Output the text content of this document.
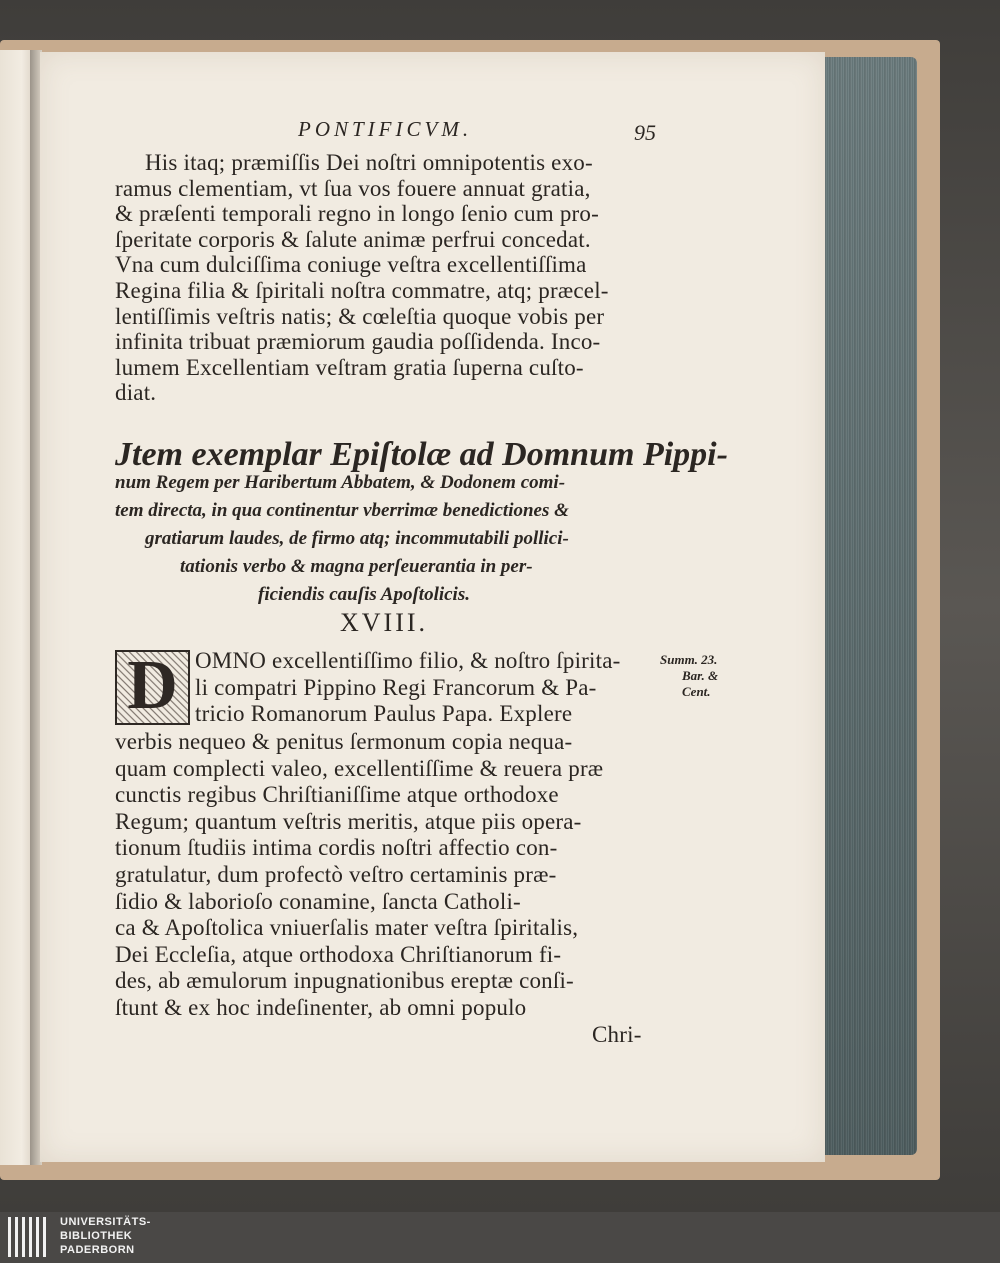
PONTIFICVM.	95
His itaq; præmiſſis Dei noſtri omnipotentis exo-
ramus clementiam, vt ſua vos fouere annuat gratia,
& præſenti temporali regno in longo ſenio cum pro-
ſperitate corporis & ſalute animæ perfrui concedat.
Vna cum dulciſſima coniuge veſtra excellentiſſima
Regina filia & ſpiritali noſtra commatre, atq; præcel-
lentiſſimis veſtris natis; & cœleſtia quoque vobis per
infinita tribuat præmiorum gaudia poſſidenda. Inco-
lumem Excellentiam veſtram gratia ſuperna cuſto-
diat.
Jtem exemplar Epiſtolæ ad Domnum Pippi-
num Regem per Haribertum Abbatem, & Dodonem comi-
tem directa, in qua continentur vberrimæ benedictiones &
gratiarum laudes, de firmo atq; incommutabili pollici-
tationis verbo & magna perſeuerantia in per-
ficiendis cauſis Apoſtolicis.
XVIII.
D OMNO excellentiſſimo filio, & noſtro ſpirita-
li compatri Pippino Regi Francorum & Pa-
tricio Romanorum Paulus Papa. Explere
verbis nequeo & penitus ſermonum copia nequa-
quam complecti valeo, excellentiſſime & reuera præ
cunctis regibus Chriſtianiſſime atque orthodoxe
Regum; quantum veſtris meritis, atque piis opera-
tionum ſtudiis intima cordis noſtri affectio con-
gratulatur, dum profectò veſtro certaminis præ-
ſidio & laborioſo conamine, ſancta Catholi-
ca & Apoſtolica vniuerſalis mater veſtra ſpiritalis,
Dei Eccleſia, atque orthodoxa Chriſtianorum fi-
des, ab æmulorum inpugnationibus ereptæ conſi-
ſtunt & ex hoc indeſinenter, ab omni populo
Chri-
Summ. 23.
Bar. &
Cent.
UNIVERSITÄTS-
BIBLIOTHEK
PADERBORN
